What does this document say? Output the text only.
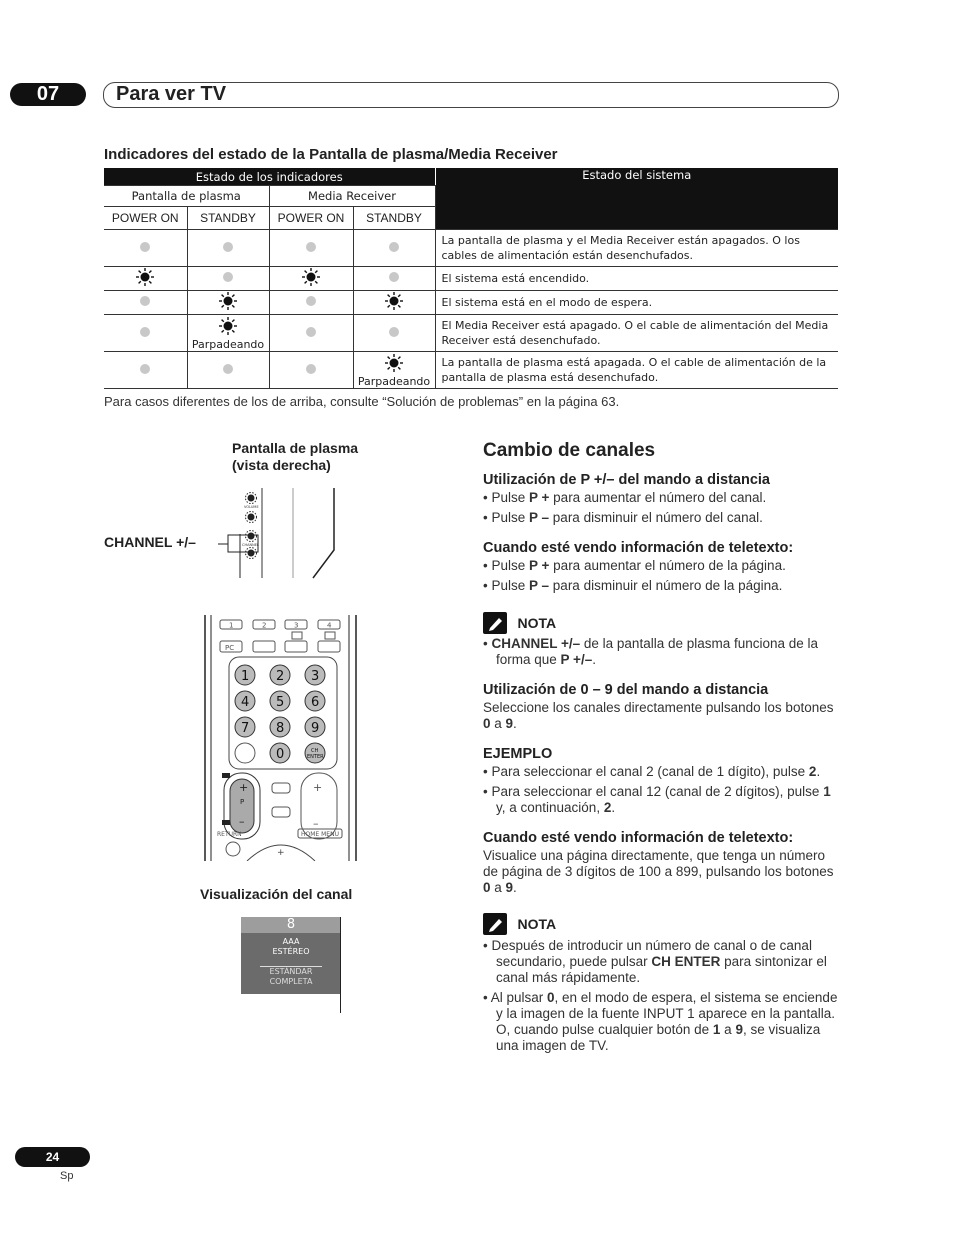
07	Para ver TV
Indicadores del estado de la Pantalla de plasma/Media Receiver
Estado de los indicadores				Estado del sistema
Pantalla de plasma		Media Receiver		
POWER ON	STANDBY	POWER ON	STANDBY	
				La pantalla de plasma y el Media Receiver están apagados. O los cables de alimentación están desenchufados.
				El sistema está encendido.
				El sistema está en el modo de espera.

	Parpadeando			El Media Receiver está apagado. O el cable de alimentación del Media Receiver está desenchufado.

			Parpadeando	La pantalla de plasma está apagada. O el cable de alimentación de la pantalla de plasma está desenchufado.
Para casos diferentes de los de arriba, consulte “Solución de problemas” en la página 63.
Pantalla de plasma
(vista derecha)
CHANNEL +/–
VOLUME
CHANNEL
1	2	3	4
PC
1 2 3
4 5 6
7 8 9
0	CH
ENTER
+
P
–
+
–
RETURN	HOME MENU
+
Visualización del canal
8
AAA
ESTÉREO
ESTÁNDAR
COMPLETA
Cambio de canales
Utilización de P +/– del mando a distancia
• Pulse P + para aumentar el número del canal.
• Pulse P – para disminuir el número del canal.
Cuando esté vendo información de teletexto:
• Pulse P + para aumentar el número de la página.
• Pulse P – para disminuir el número de la página.
NOTA
• CHANNEL +/– de la pantalla de plasma funciona de la forma que P +/–.
Utilización de 0 – 9 del mando a distancia
Seleccione los canales directamente pulsando los botones 0 a 9.
EJEMPLO
• Para seleccionar el canal 2 (canal de 1 dígito), pulse 2.
• Para seleccionar el canal 12 (canal de 2 dígitos), pulse 1 y, a continuación, 2.
Cuando esté vendo información de teletexto:
Visualice una página directamente, que tenga un número de página de 3 dígitos de 100 a 899, pulsando los botones 0 a 9.
NOTA
• Después de introducir un número de canal o de canal secundario, puede pulsar CH ENTER para sintonizar el canal más rápidamente.
• Al pulsar 0, en el modo de espera, el sistema se enciende y la imagen de la fuente INPUT 1 aparece en la pantalla. O, cuando pulse cualquier botón de 1 a 9, se visualiza una imagen de TV.
24
Sp
